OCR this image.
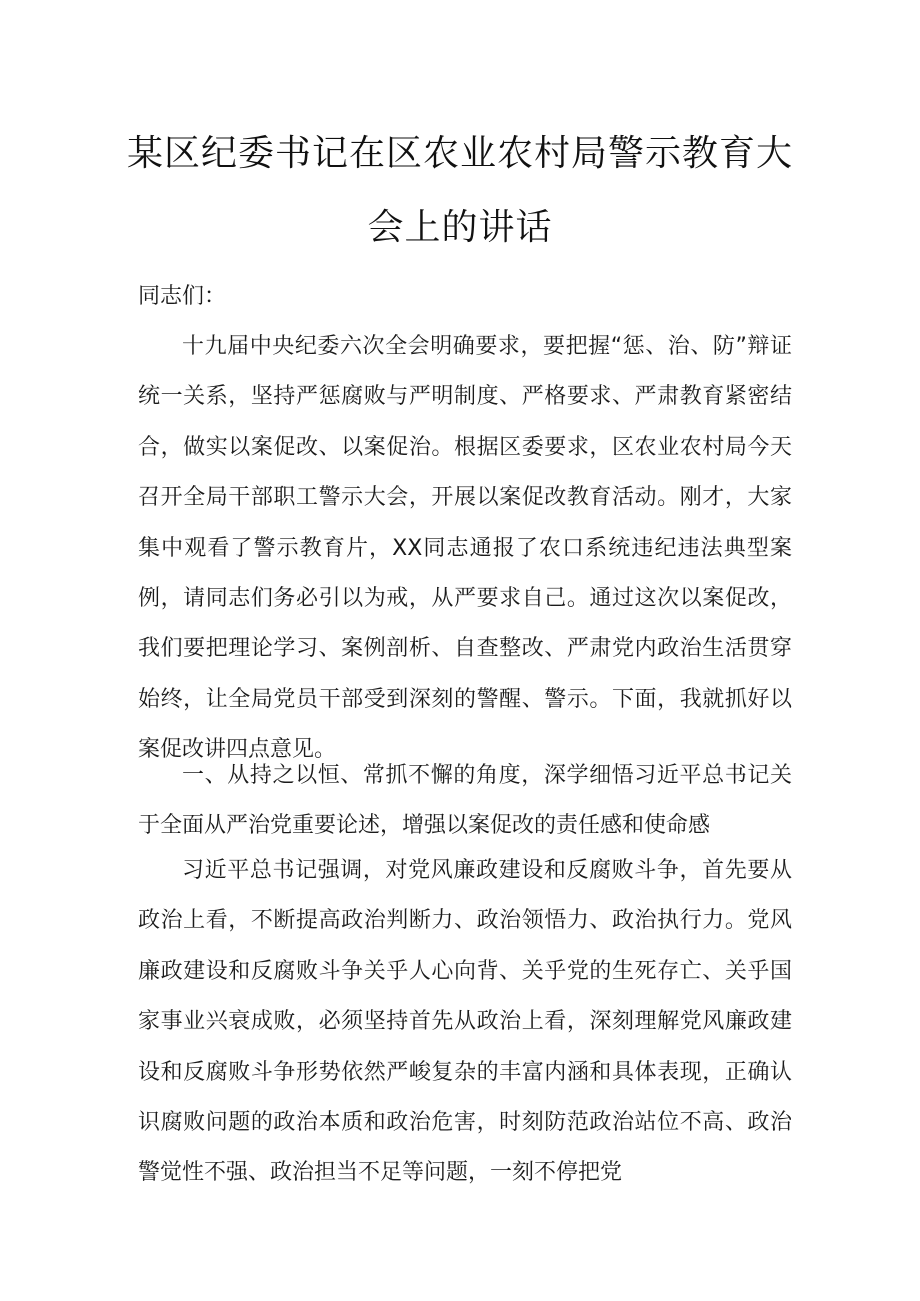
某区纪委书记在区农业农村局警示教育大
会上的讲话
同志们：
十九届中央纪委六次全会明确要求，要把握“惩、治、防”辩证统一关系，坚持严惩腐败与严明制度、严格要求、严肃教育紧密结合，做实以案促改、以案促治。根据区委要求，区农业农村局今天召开全局干部职工警示大会，开展以案促改教育活动。刚才，大家集中观看了警示教育片，XX同志通报了农口系统违纪违法典型案例，请同志们务必引以为戒，从严要求自己。通过这次以案促改，我们要把理论学习、案例剖析、自查整改、严肃党内政治生活贯穿始终，让全局党员干部受到深刻的警醒、警示。下面，我就抓好以案促改讲四点意见。
一、从持之以恒、常抓不懈的角度，深学细悟习近平总书记关于全面从严治党重要论述，增强以案促改的责任感和使命感
习近平总书记强调，对党风廉政建设和反腐败斗争，首先要从政治上看，不断提高政治判断力、政治领悟力、政治执行力。党风廉政建设和反腐败斗争关乎人心向背、关乎党的生死存亡、关乎国家事业兴衰成败，必须坚持首先从政治上看，深刻理解党风廉政建设和反腐败斗争形势依然严峻复杂的丰富内涵和具体表现，正确认识腐败问题的政治本质和政治危害，时刻防范政治站位不高、政治警觉性不强、政治担当不足等问题，一刻不停把党
